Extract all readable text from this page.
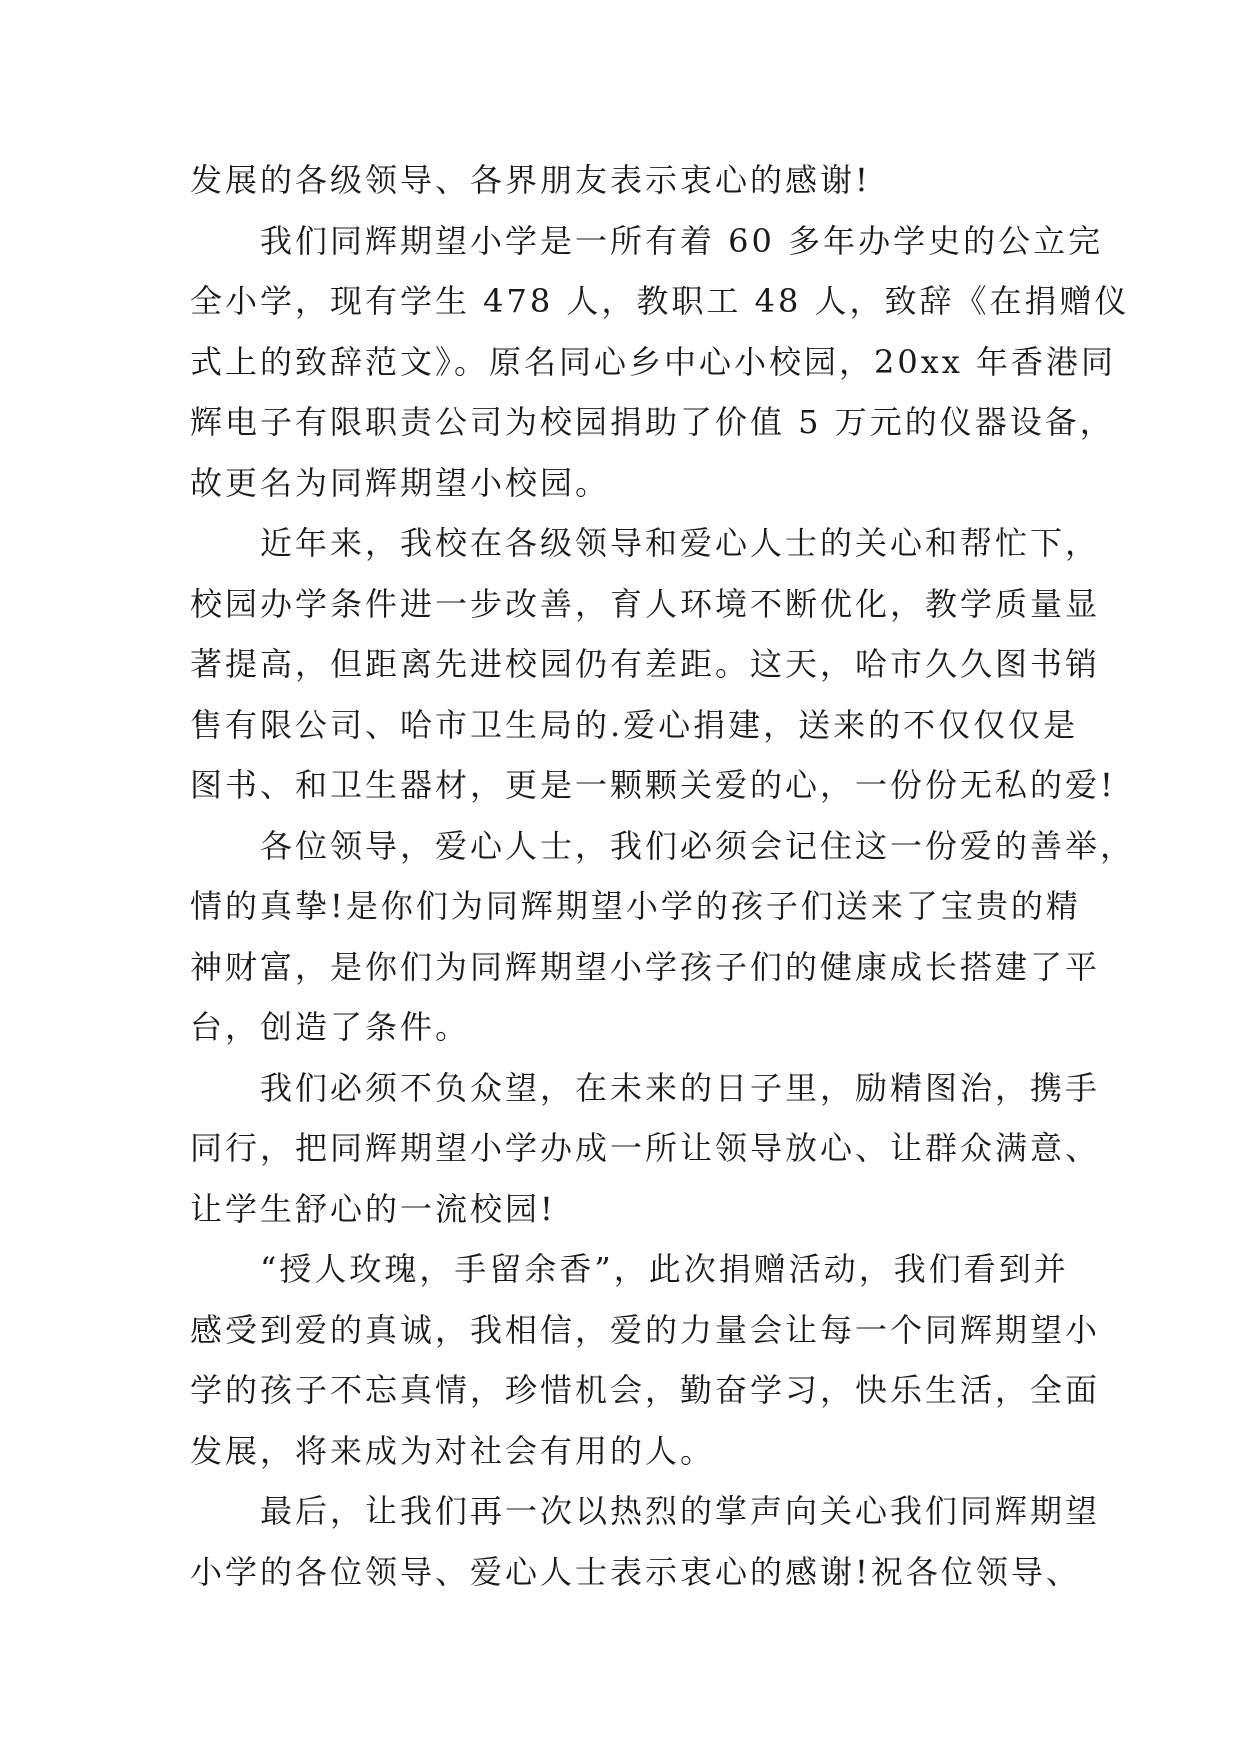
发展的各级领导、各界朋友表示衷心的感谢!
　　我们同辉期望小学是一所有着 60 多年办学史的公立完
全小学，现有学生 478 人，教职工 48 人，致辞《在捐赠仪
式上的致辞范文》。原名同心乡中心小校园，20xx 年香港同
辉电子有限职责公司为校园捐助了价值 5 万元的仪器设备，
故更名为同辉期望小校园。
　　近年来，我校在各级领导和爱心人士的关心和帮忙下，
校园办学条件进一步改善，育人环境不断优化，教学质量显
著提高，但距离先进校园仍有差距。这天，哈市久久图书销
售有限公司、哈市卫生局的.爱心捐建，送来的不仅仅仅是
图书、和卫生器材，更是一颗颗关爱的心，一份份无私的爱!
　　各位领导，爱心人士，我们必须会记住这一份爱的善举，
情的真挚!是你们为同辉期望小学的孩子们送来了宝贵的精
神财富，是你们为同辉期望小学孩子们的健康成长搭建了平
台，创造了条件。
　　我们必须不负众望，在未来的日子里，励精图治，携手
同行，把同辉期望小学办成一所让领导放心、让群众满意、
让学生舒心的一流校园!
　　“授人玫瑰，手留余香”，此次捐赠活动，我们看到并
感受到爱的真诚，我相信，爱的力量会让每一个同辉期望小
学的孩子不忘真情，珍惜机会，勤奋学习，快乐生活，全面
发展，将来成为对社会有用的人。
　　最后，让我们再一次以热烈的掌声向关心我们同辉期望
小学的各位领导、爱心人士表示衷心的感谢!祝各位领导、
